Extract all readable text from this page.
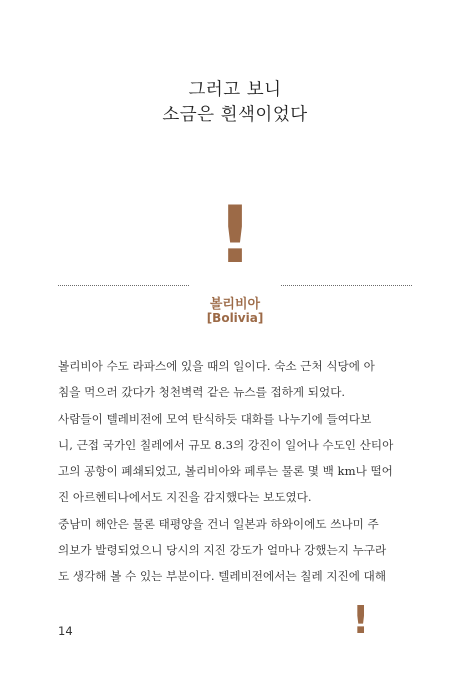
그러고 보니
소금은 흰색이었다
!
볼리비아
[Bolivia]
볼리비아 수도 라파스에 있을 때의 일이다. 숙소 근처 식당에 아
침을 먹으러 갔다가 청천벽력 같은 뉴스를 접하게 되었다.
사람들이 텔레비전에 모여 탄식하듯 대화를 나누기에 들여다보
니, 근접 국가인 칠레에서 규모 8.3의 강진이 일어나 수도인 산티아
고의 공항이 폐쇄되었고, 볼리비아와 페루는 물론 몇 백 km나 떨어
진 아르헨티나에서도 지진을 감지했다는 보도였다.
중남미 해안은 물론 태평양을 건너 일본과 하와이에도 쓰나미 주
의보가 발령되었으니 당시의 지진 강도가 얼마나 강했는지 누구라
도 생각해 볼 수 있는 부분이다. 텔레비전에서는 칠레 지진에 대해
14	!
